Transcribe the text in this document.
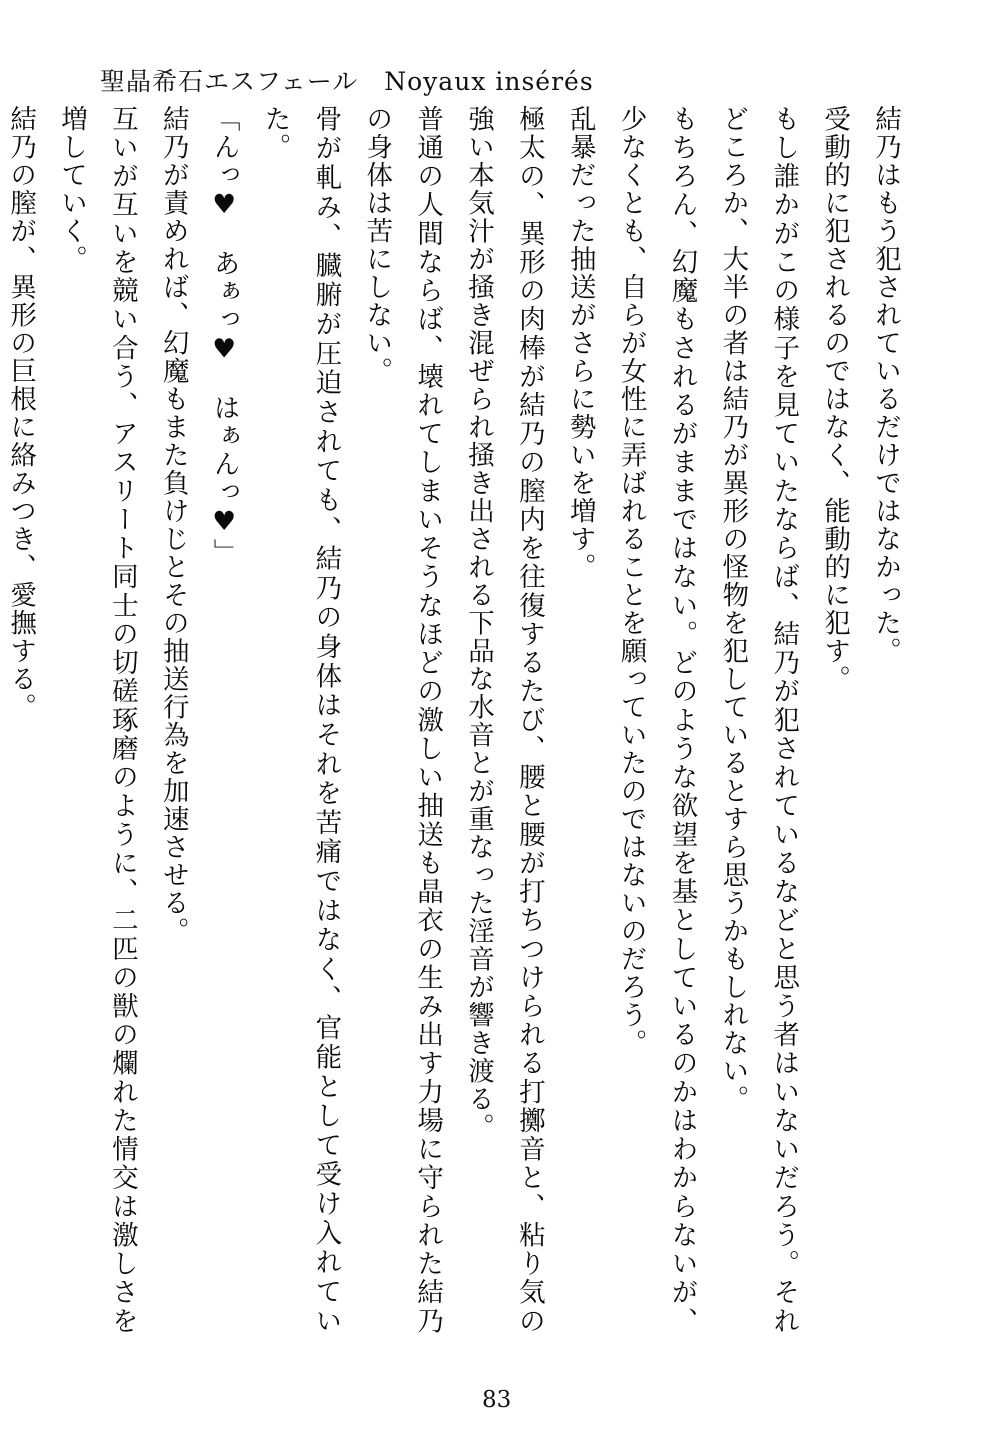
聖晶希石エスフェール　Noyaux insérés

結乃はもう犯されているだけではなかった。

受動的に犯されるのではなく、能動的に犯す。

もし誰かがこの様子を見ていたならば、結乃が犯されているなどと思う者はいないだろう。それどころか、大半の者は結乃が異形の怪物を犯しているとすら思うかもしれない。

もちろん、幻魔もされるがままではない。どのような欲望を基としているのかはわからないが、少なくとも、自らが女性に弄ばれることを願っていたのではないのだろう。

乱暴だった抽送がさらに勢いを増す。

極太の、異形の肉棒が結乃の膣内を往復するたび、腰と腰が打ちつけられる打擲音と、粘り気の強い本気汁が掻き混ぜられ掻き出される下品な水音とが重なった淫音が響き渡る。

普通の人間ならば、壊れてしまいそうなほどの激しい抽送も晶衣の生み出す力場に守られた結乃の身体は苦にしない。

骨が軋み、臓腑が圧迫されても、結乃の身体はそれを苦痛ではなく、官能として受け入れていた。

「んっ♥　あぁっ♥　はぁんっ♥」

結乃が責めれば、幻魔もまた負けじとその抽送行為を加速させる。

互いが互いを競い合う、アスリート同士の切磋琢磨のように、二匹の獣の爛れた情交は激しさを増していく。

結乃の膣が、異形の巨根に絡みつき、愛撫する。

83
